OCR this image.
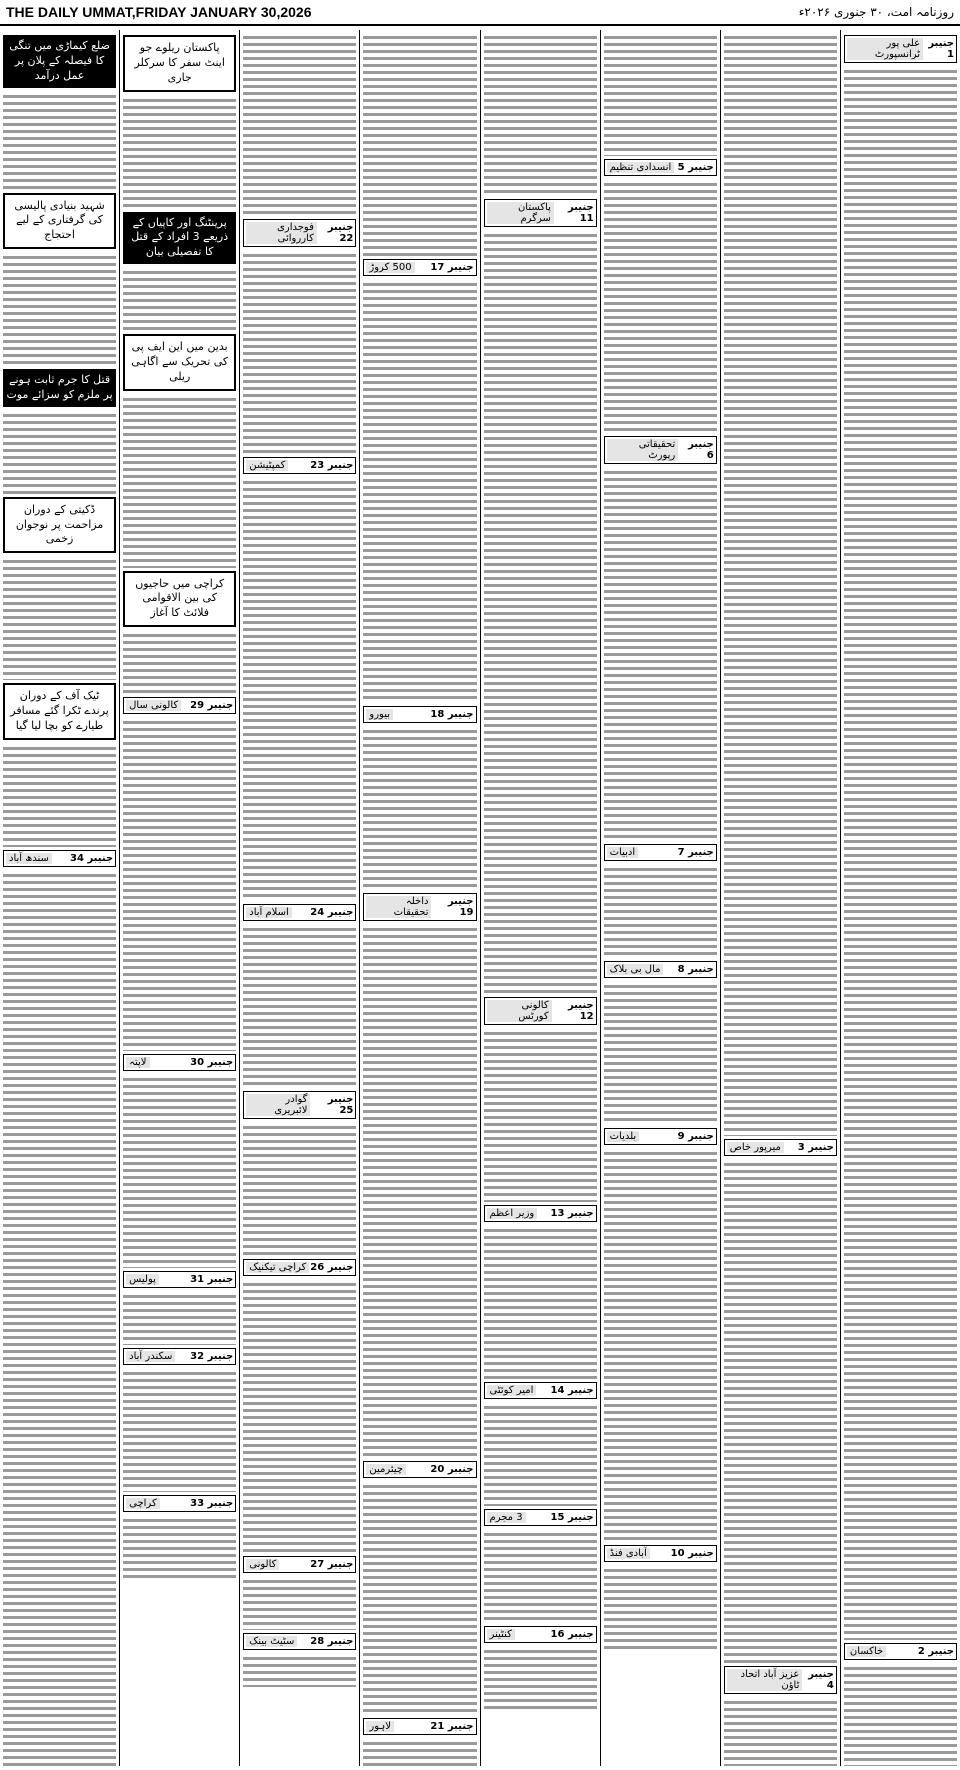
THE DAILY UMMAT,FRIDAY JANUARY 30,2026	روزنامہ امت، ۳۰ جنوری ۲۰۲۶ء
جنیبر 1
علی پور ٹرانسپورٹ
جنیبر 2
خاکسان
جنیبر 3
میرپور خاص
جنیبر 4
عزیز آباد اتحاد ٹاؤن
جنیبر 5
انسدادی تنظیم
جنیبر 6
تحقیقاتی رپورٹ
جنیبر 7
ادبیات
جنیبر 8
مال بی بلاک
جنیبر 9
بلدیات
جنیبر 10
آبادی فنڈ
جنیبر 11
پاکستان سرگرم
جنیبر 12
کالونی کورٹس
جنیبر 13
وزیر اعظم
جنیبر 14
امیر کوئٹی
جنیبر 15
3 مجرم
جنیبر 16
کنٹینر
جنیبر 17
500 کروڑ
جنیبر 18
بیورو
جنیبر 19
داخلہ تحقیقات
جنیبر 20
چیئرمین
جنیبر 21
لاہور
جنیبر 22
فوجداری کارروائی
جنیبر 23
کمپٹیشن
جنیبر 24
اسلام آباد
جنیبر 25
گوادر لائبریری
جنیبر 26
کراچی تیکنیک
جنیبر 27
کالونی
جنیبر 28
سٹیٹ بینک
پاکستان ریلوے جو اینٹ سفر کا سرکلر جاری
پرینٹنگ اور کاپیاں کے ذریعے 3 افراد کے قتل کا تفصیلی بیان
بدین میں این ایف پی کی تحریک سے اگاہی ریلی
کراچی میں حاجیوں کی بین الاقوامی فلائٹ کا آغاز
جنیبر 29
کالونی سال
جنیبر 30
لاپتہ
جنیبر 31
پولیس
جنیبر 32
سکندر آباد
جنیبر 33
کراچی
ضلع کیماڑی میں تنگی کا فیصلہ کے پلان پر عمل درآمد
شہید بنیادی پالیسی کی گرفتاری کے لیے احتجاج
قتل کا جرم ثابت ہونے پر ملزم کو سزائے موت
ڈکیتی کے دوران مزاحمت پر نوجوان زخمی
ٹیک آف کے دوران پرندے ٹکرا گئے مسافر طیارے کو بچا لیا گیا
جنیبر 34
سندھ آباد
